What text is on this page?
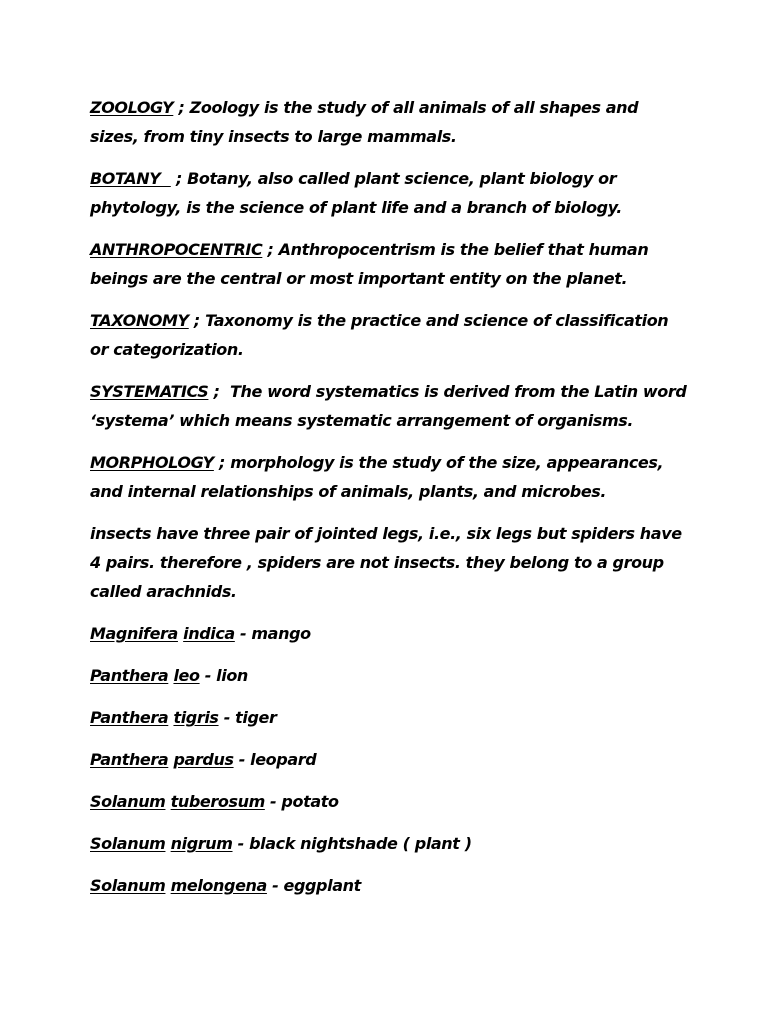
ZOOLOGY ; Zoology is the study of all animals of all shapes and sizes, from tiny insects to large mammals.

BOTANY   ; Botany, also called plant science, plant biology or phytology, is the science of plant life and a branch of biology.

ANTHROPOCENTRIC ; Anthropocentrism is the belief that human beings are the central or most important entity on the planet.

TAXONOMY ; Taxonomy is the practice and science of classification or categorization.

SYSTEMATICS ;  The word systematics is derived from the Latin word ‘systema’ which means systematic arrangement of organisms.

MORPHOLOGY ; morphology is the study of the size, appearances, and internal relationships of animals, plants, and microbes.

insects have three pair of jointed legs, i.e., six legs but spiders have 4 pairs. therefore , spiders are not insects. they belong to a group called arachnids.

Magnifera indica - mango

Panthera leo - lion

Panthera tigris - tiger

Panthera pardus - leopard

Solanum tuberosum - potato

Solanum nigrum - black nightshade ( plant )

Solanum melongena - eggplant
